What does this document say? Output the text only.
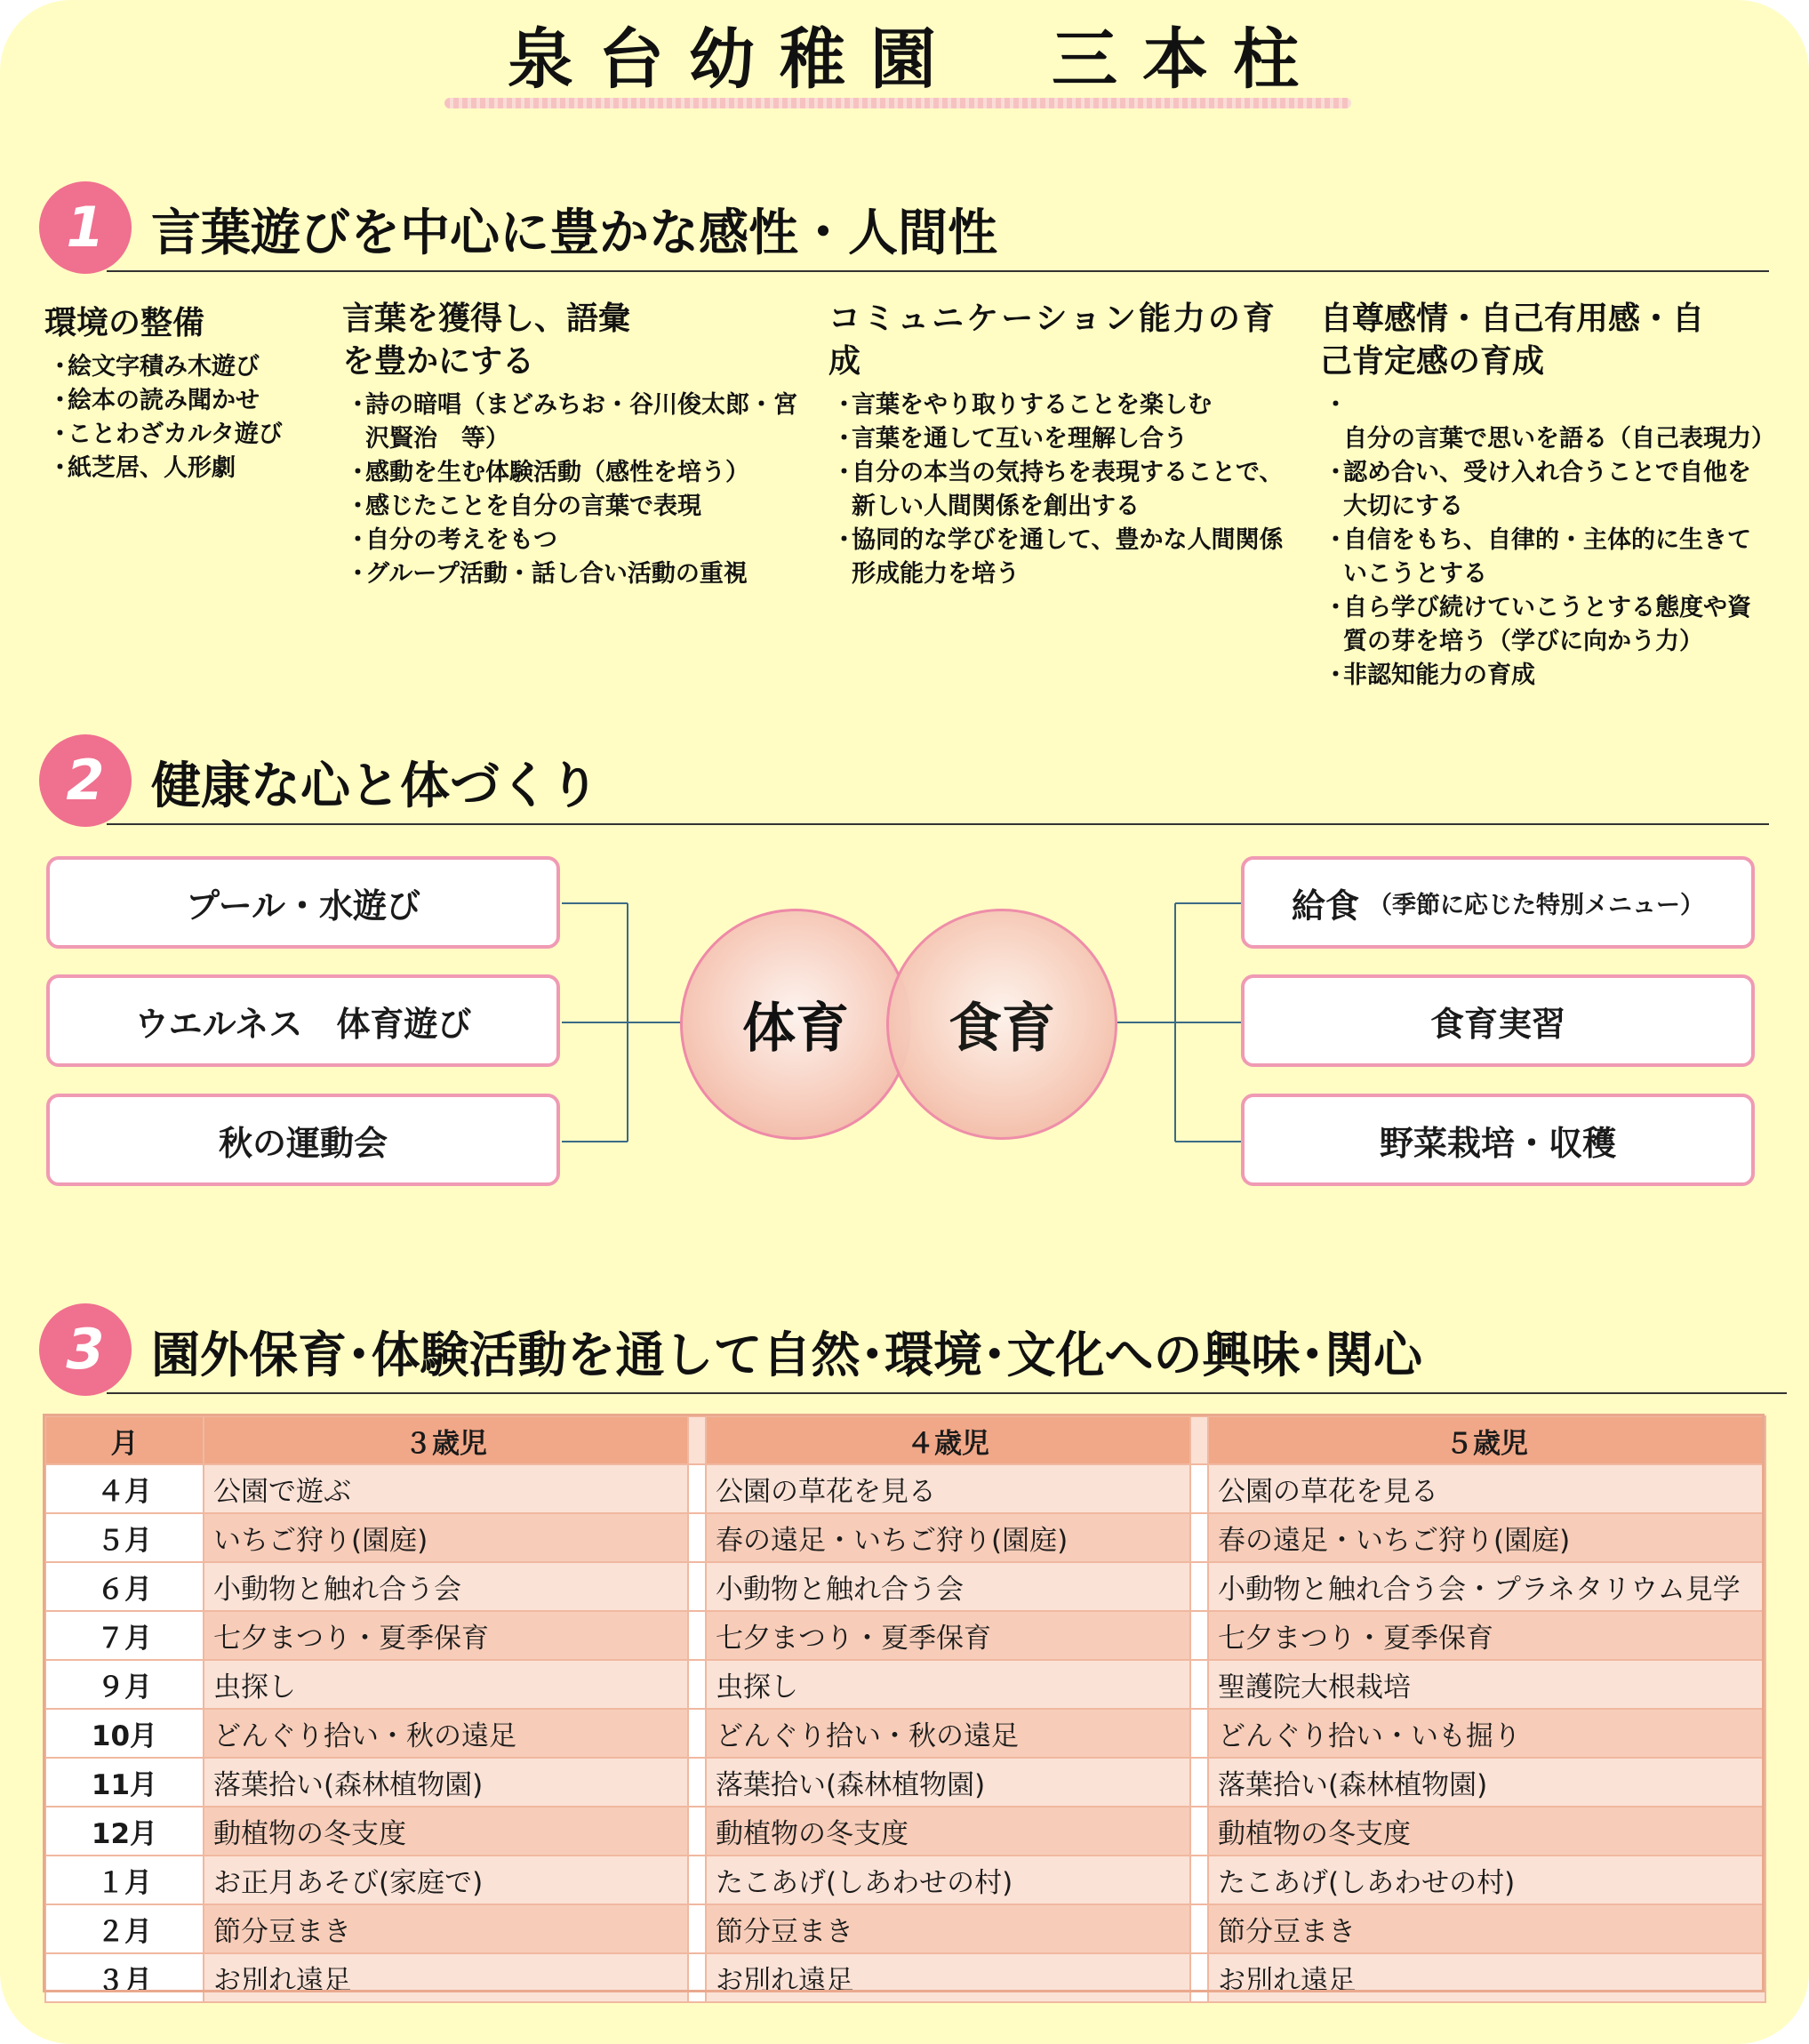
泉台幼稚園　三本柱
1 言葉遊びを中心に豊かな感性・人間性
環境の整備
・ 絵文字積み木遊び
・ 絵本の読み聞かせ
・ ことわざカルタ遊び
・ 紙芝居、人形劇
言葉を獲得し、語彙を豊かにする
・ 詩の暗唱（まどみちお・谷川俊太郎・宮沢賢治　等）
・ 感動を生む体験活動（感性を培う）
・ 感じたことを自分の言葉で表現
・ 自分の考えをもつ
・ グループ活動・話し合い活動の重視
コミュニケーション能力の育成
・ 言葉をやり取りすることを楽しむ
・ 言葉を通して互いを理解し合う
・ 自分の本当の気持ちを表現することで、新しい人間関係を創出する
・ 協同的な学びを通して、豊かな人間関係形成能力を培う
自尊感情・自己有用感・自己肯定感の育成
・ 自分の言葉で思いを語る（自己表現力）
・ 認め合い、受け入れ合うことで自他を大切にする
・ 自信をもち、自律的・主体的に生きていこうとする
・ 自ら学び続けていこうとする態度や資質の芽を培う（学びに向かう力）
・ 非認知能力の育成
2 健康な心と体づくり
プール・水遊び
ウエルネス　体育遊び
秋の運動会
体育 食育
給食 （季節に応じた特別メニュー）
食育実習
野菜栽培・収穫
3 園外保育･体験活動を通して自然･環境･文化への興味･関心
月	３歳児		４歳児		５歳児
４月	公園で遊ぶ		公園の草花を見る		公園の草花を見る
５月	いちご狩り(園庭)		春の遠足・いちご狩り(園庭)		春の遠足・いちご狩り(園庭)
６月	小動物と触れ合う会		小動物と触れ合う会		小動物と触れ合う会・プラネタリウム見学
７月	七夕まつり・夏季保育		七夕まつり・夏季保育		七夕まつり・夏季保育
９月	虫探し		虫探し		聖護院大根栽培
10月	どんぐり拾い・秋の遠足		どんぐり拾い・秋の遠足		どんぐり拾い・いも掘り
11月	落葉拾い(森林植物園)		落葉拾い(森林植物園)		落葉拾い(森林植物園)
12月	動植物の冬支度		動植物の冬支度		動植物の冬支度
１月	お正月あそび(家庭で)		たこあげ(しあわせの村)		たこあげ(しあわせの村)
２月	節分豆まき		節分豆まき		節分豆まき
３月	お別れ遠足		お別れ遠足		お別れ遠足
